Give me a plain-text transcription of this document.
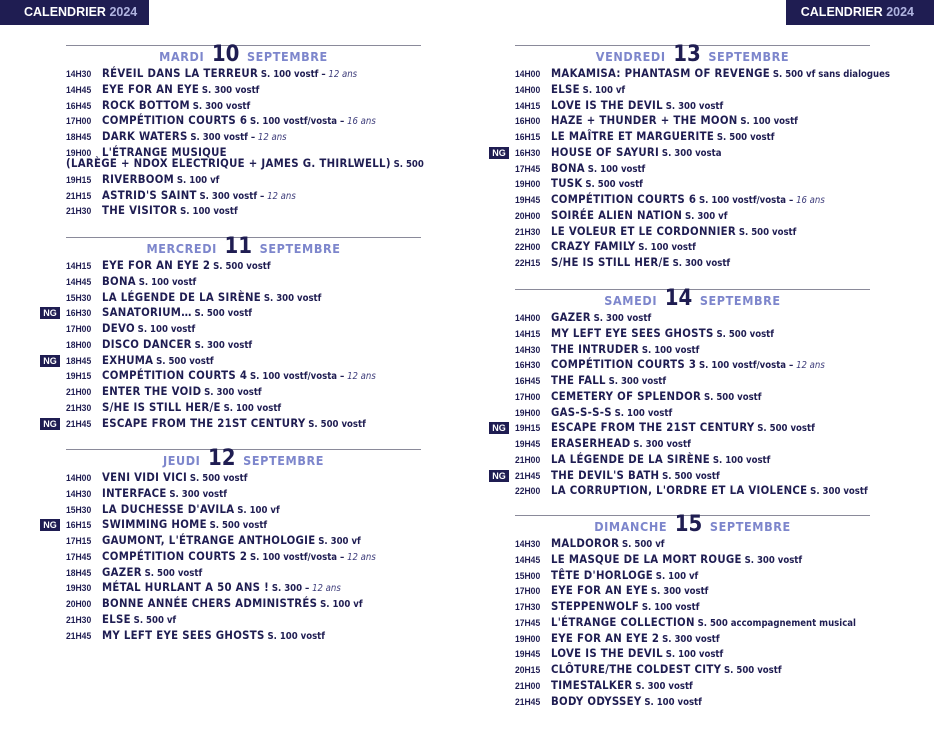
CALENDRIER 2024	CALENDRIER 2024
MARDI 10 SEPTEMBRE
14H30 RÉVEIL DANS LA TERREUR S. 100 vostf – 12 ans
14H45 EYE FOR AN EYE S. 300 vostf
16H45 ROCK BOTTOM S. 300 vostf
17H00 COMPÉTITION COURTS 6 S. 100 vostf/vosta – 16 ans
18H45 DARK WATERS S. 300 vostf – 12 ans
19H00 L'ÉTRANGE MUSIQUE
(LARÈGE + NDOX ELECTRIQUE + JAMES G. THIRLWELL) S. 500
19H15 RIVERBOOM S. 100 vf
21H15 ASTRID'S SAINT S. 300 vostf – 12 ans
21H30 THE VISITOR S. 100 vostf
MERCREDI 11 SEPTEMBRE
14H15 EYE FOR AN EYE 2 S. 500 vostf
14H45 BONA S. 100 vostf
15H30 LA LÉGENDE DE LA SIRÈNE S. 300 vostf
NG 16H30 SANATORIUM… S. 500 vostf
17H00 DEVO S. 100 vostf
18H00 DISCO DANCER S. 300 vostf
NG 18H45 EXHUMA S. 500 vostf
19H15 COMPÉTITION COURTS 4 S. 100 vostf/vosta – 12 ans
21H00 ENTER THE VOID S. 300 vostf
21H30 S/HE IS STILL HER/E S. 100 vostf
NG 21H45 ESCAPE FROM THE 21ST CENTURY S. 500 vostf
JEUDI 12 SEPTEMBRE
14H00 VENI VIDI VICI S. 500 vostf
14H30 INTERFACE S. 300 vostf
15H30 LA DUCHESSE D'AVILA S. 100 vf
NG 16H15 SWIMMING HOME S. 500 vostf
17H15 GAUMONT, L'ÉTRANGE ANTHOLOGIE S. 300 vf
17H45 COMPÉTITION COURTS 2 S. 100 vostf/vosta – 12 ans
18H45 GAZER S. 500 vostf
19H30 MÉTAL HURLANT A 50 ANS ! S. 300 – 12 ans
20H00 BONNE ANNÉE CHERS ADMINISTRÉS S. 100 vf
21H30 ELSE S. 500 vf
21H45 MY LEFT EYE SEES GHOSTS S. 100 vostf
VENDREDI 13 SEPTEMBRE
14H00 MAKAMISA: PHANTASM OF REVENGE S. 500 vf sans dialogues
14H00 ELSE S. 100 vf
14H15 LOVE IS THE DEVIL S. 300 vostf
16H00 HAZE + THUNDER + THE MOON S. 100 vostf
16H15 LE MAÎTRE ET MARGUERITE S. 500 vostf
NG 16H30 HOUSE OF SAYURI S. 300 vosta
17H45 BONA S. 100 vostf
19H00 TUSK S. 500 vostf
19H45 COMPÉTITION COURTS 6 S. 100 vostf/vosta – 16 ans
20H00 SOIRÉE ALIEN NATION S. 300 vf
21H30 LE VOLEUR ET LE CORDONNIER S. 500 vostf
22H00 CRAZY FAMILY S. 100 vostf
22H15 S/HE IS STILL HER/E S. 300 vostf
SAMEDI 14 SEPTEMBRE
14H00 GAZER S. 300 vostf
14H15 MY LEFT EYE SEES GHOSTS S. 500 vostf
14H30 THE INTRUDER S. 100 vostf
16H30 COMPÉTITION COURTS 3 S. 100 vostf/vosta – 12 ans
16H45 THE FALL S. 300 vostf
17H00 CEMETERY OF SPLENDOR S. 500 vostf
19H00 GAS-S-S-S S. 100 vostf
NG 19H15 ESCAPE FROM THE 21ST CENTURY S. 500 vostf
19H45 ERASERHEAD S. 300 vostf
21H00 LA LÉGENDE DE LA SIRÈNE S. 100 vostf
NG 21H45 THE DEVIL'S BATH S. 500 vostf
22H00 LA CORRUPTION, L'ORDRE ET LA VIOLENCE S. 300 vostf
DIMANCHE 15 SEPTEMBRE
14H30 MALDOROR S. 500 vf
14H45 LE MASQUE DE LA MORT ROUGE S. 300 vostf
15H00 TÊTE D'HORLOGE S. 100 vf
17H00 EYE FOR AN EYE S. 300 vostf
17H30 STEPPENWOLF S. 100 vostf
17H45 L'ÉTRANGE COLLECTION S. 500 accompagnement musical
19H00 EYE FOR AN EYE 2 S. 300 vostf
19H45 LOVE IS THE DEVIL S. 100 vostf
20H15 CLÔTURE/THE COLDEST CITY S. 500 vostf
21H00 TIMESTALKER S. 300 vostf
21H45 BODY ODYSSEY S. 100 vostf
